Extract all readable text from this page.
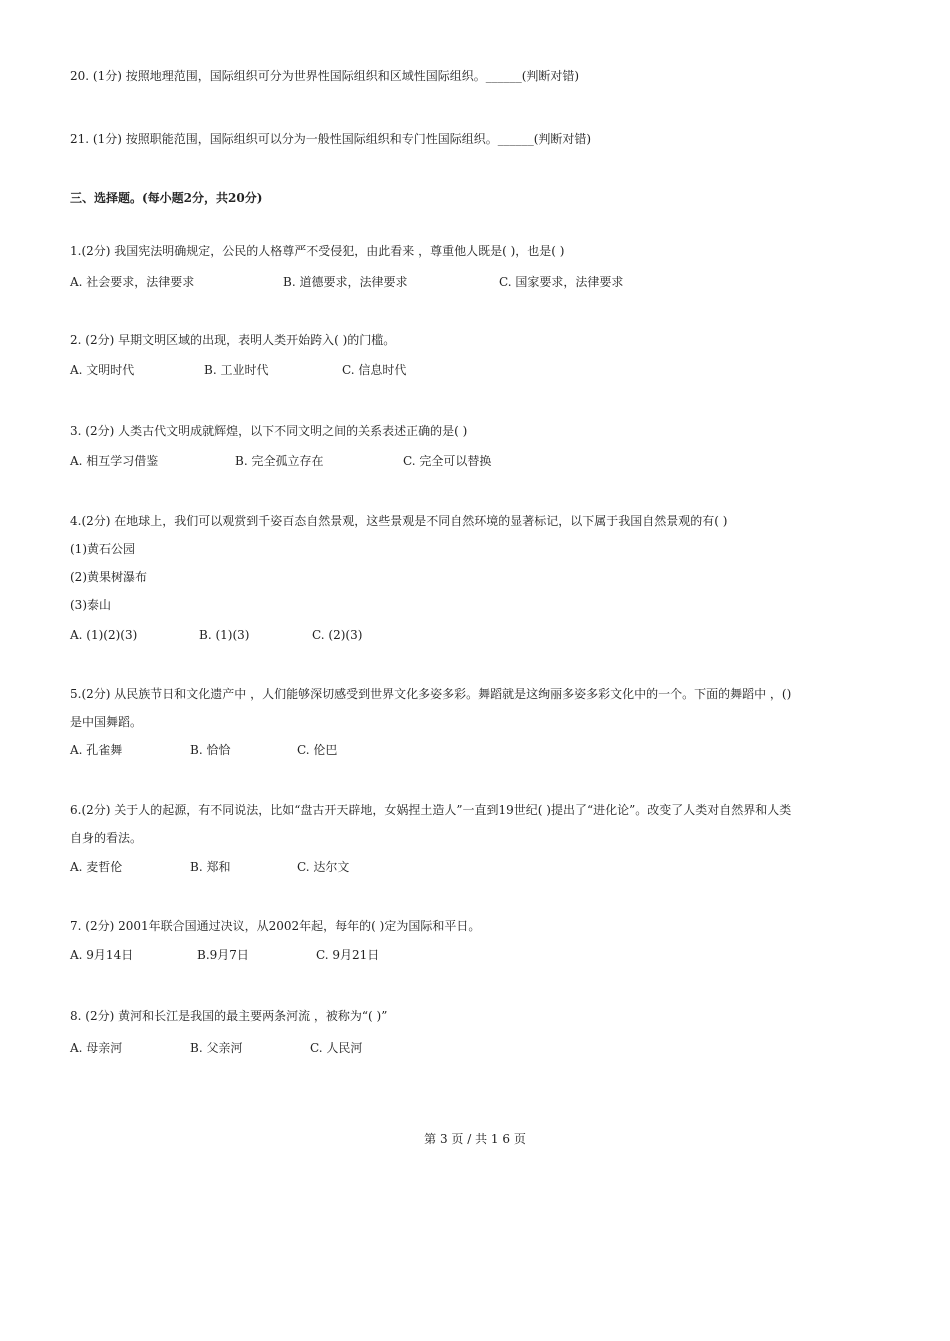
20. (1分) 按照地理范围，国际组织可分为世界性国际组织和区域性国际组织。______(判断对错)
21. (1分) 按照职能范围，国际组织可以分为一般性国际组织和专门性国际组织。______(判断对错)
三、选择题。(每小题2分，共20分)
1.(2分) 我国宪法明确规定，公民的人格尊严不受侵犯，由此看来 ，尊重他人既是( )，也是( )
A. 社会要求，法律要求	B. 道德要求，法律要求	C. 国家要求，法律要求
2. (2分) 早期文明区域的出现，表明人类开始跨入( )的门槛。
A. 文明时代	B. 工业时代	C. 信息时代
3. (2分) 人类古代文明成就辉煌，以下不同文明之间的关系表述正确的是( )
A. 相互学习借鉴	B. 完全孤立存在	C. 完全可以替换
4.(2分) 在地球上，我们可以观赏到千姿百态自然景观，这些景观是不同自然环境的显著标记，以下属于我国自然景观的有( )
(1)黄石公园
(2)黄果树瀑布
(3)泰山
A. (1)(2)(3)	B. (1)(3)	C. (2)(3)
5.(2分) 从民族节日和文化遗产中 ，人们能够深切感受到世界文化多姿多彩。舞蹈就是这绚丽多姿多彩文化中的一个。下面的舞蹈中 ，()
是中国舞蹈。
A. 孔雀舞	B. 恰恰	C. 伦巴
6.(2分) 关于人的起源，有不同说法，比如“盘古开天辟地，女娲捏土造人”一直到19世纪( )提出了“进化论”。改变了人类对自然界和人类
自身的看法。
A. 麦哲伦	B. 郑和	C. 达尔文
7. (2分) 2001年联合国通过决议，从2002年起，每年的( )定为国际和平日。
A. 9月14日	B.9月7日	C. 9月21日
8. (2分) 黄河和长江是我国的最主要两条河流 ，被称为“( )”
A. 母亲河	B. 父亲河	C. 人民河
第 3 页 / 共 1 6 页
